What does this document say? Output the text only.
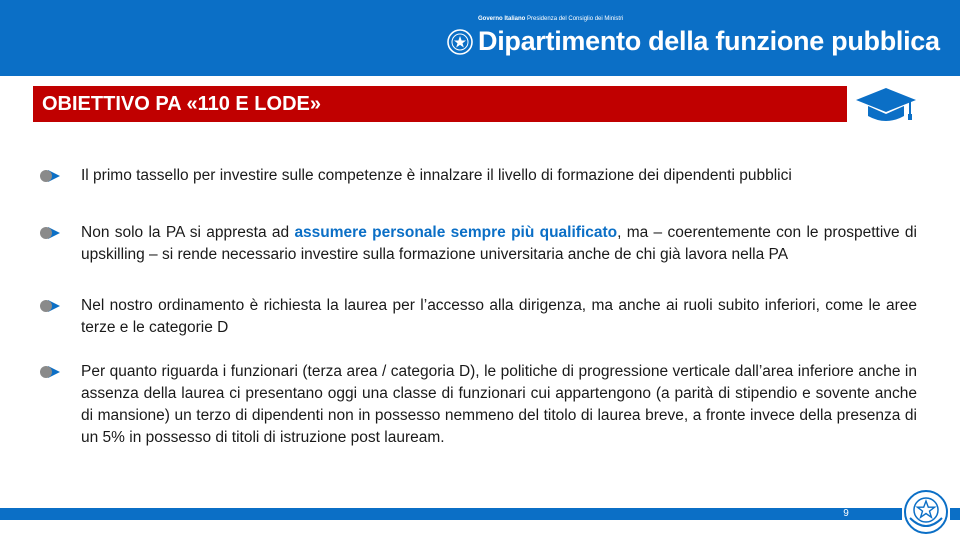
Governo Italiano Presidenza del Consiglio dei Ministri
Dipartimento della funzione pubblica
OBIETTIVO PA «110 E LODE»
Il primo tassello per investire sulle competenze è innalzare il livello di formazione dei dipendenti pubblici
Non solo la PA si appresta ad assumere personale sempre più qualificato, ma – coerentemente con le prospettive di upskilling – si rende necessario investire sulla formazione universitaria anche de chi già lavora nella PA
Nel nostro ordinamento è richiesta la laurea per l’accesso alla dirigenza, ma anche ai ruoli subito inferiori, come le aree terze e le categorie D
Per quanto riguarda i funzionari (terza area / categoria D), le politiche di progressione verticale dall’area inferiore anche in assenza della laurea ci presentano oggi una classe di funzionari cui appartengono (a parità di stipendio e sovente anche di mansione) un terzo di dipendenti non in possesso nemmeno del titolo di laurea breve, a fronte invece della presenza di un 5% in possesso di titoli di istruzione post lauream.
9
